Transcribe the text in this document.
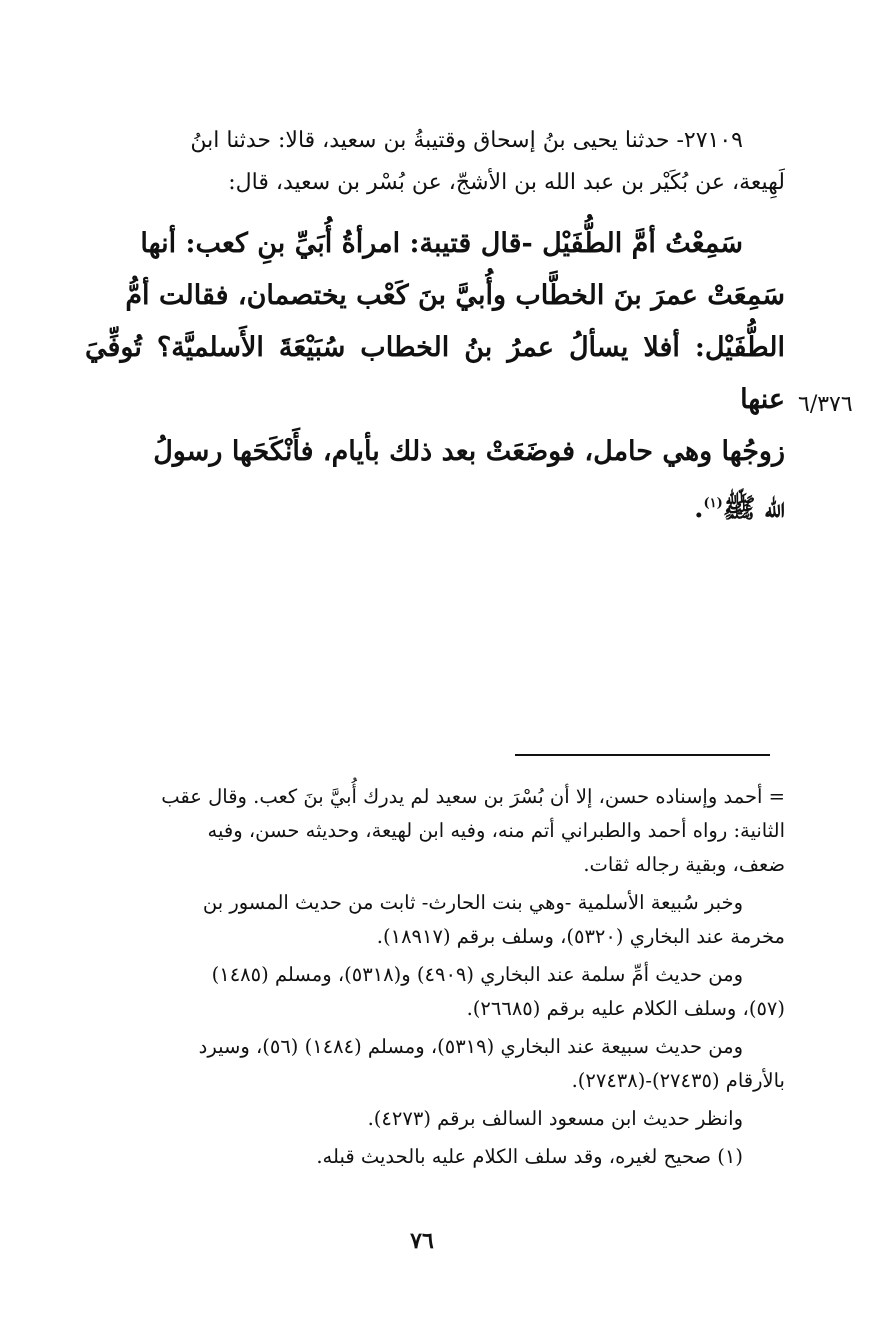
٢٧١٠٩- حدثنا يحيى بنُ إسحاق وقتيبةُ بن سعيد، قالا: حدثنا ابنُ
لَهِيعة، عن بُكَيْر بن عبد الله بن الأشجّ، عن بُسْر بن سعيد، قال:
سَمِعْتُ أمَّ الطُّفَيْل -قال قتيبة: امرأةُ أُبَيِّ بنِ كعب: أنها
سَمِعَتْ عمرَ بنَ الخطَّاب وأُبيَّ بنَ كَعْب يختصمان، فقالت أمُّ
الطُّفَيْل: أفلا يسألُ عمرُ بنُ الخطاب سُبَيْعَةَ الأَسلميَّة؟ تُوفِّيَ عنها
زوجُها وهي حامل، فوضَعَتْ بعد ذلك بأيام، فأَنْكَحَها رسولُ
الله ﷺ$^{(١)}$.
٦/٣٧٦
= أحمد وإسناده حسن، إلا أن بُسْرَ بن سعيد لم يدرك أُبيَّ بنَ كعب. وقال عقب
الثانية: رواه أحمد والطبراني أتم منه، وفيه ابن لهيعة، وحديثه حسن، وفيه
ضعف، وبقية رجاله ثقات.
وخبر سُبيعة الأسلمية -وهي بنت الحارث- ثابت من حديث المسور بن
مخرمة عند البخاري (٥٣٢٠)، وسلف برقم (١٨٩١٧).
ومن حديث أمِّ سلمة عند البخاري (٤٩٠٩) و(٥٣١٨)، ومسلم (١٤٨٥)
(٥٧)، وسلف الكلام عليه برقم (٢٦٦٨٥).
ومن حديث سبيعة عند البخاري (٥٣١٩)، ومسلم (١٤٨٤) (٥٦)، وسيرد
بالأرقام (٢٧٤٣٥)-(٢٧٤٣٨).
وانظر حديث ابن مسعود السالف برقم (٤٢٧٣).
(١) صحيح لغيره، وقد سلف الكلام عليه بالحديث قبله.
٧٦
